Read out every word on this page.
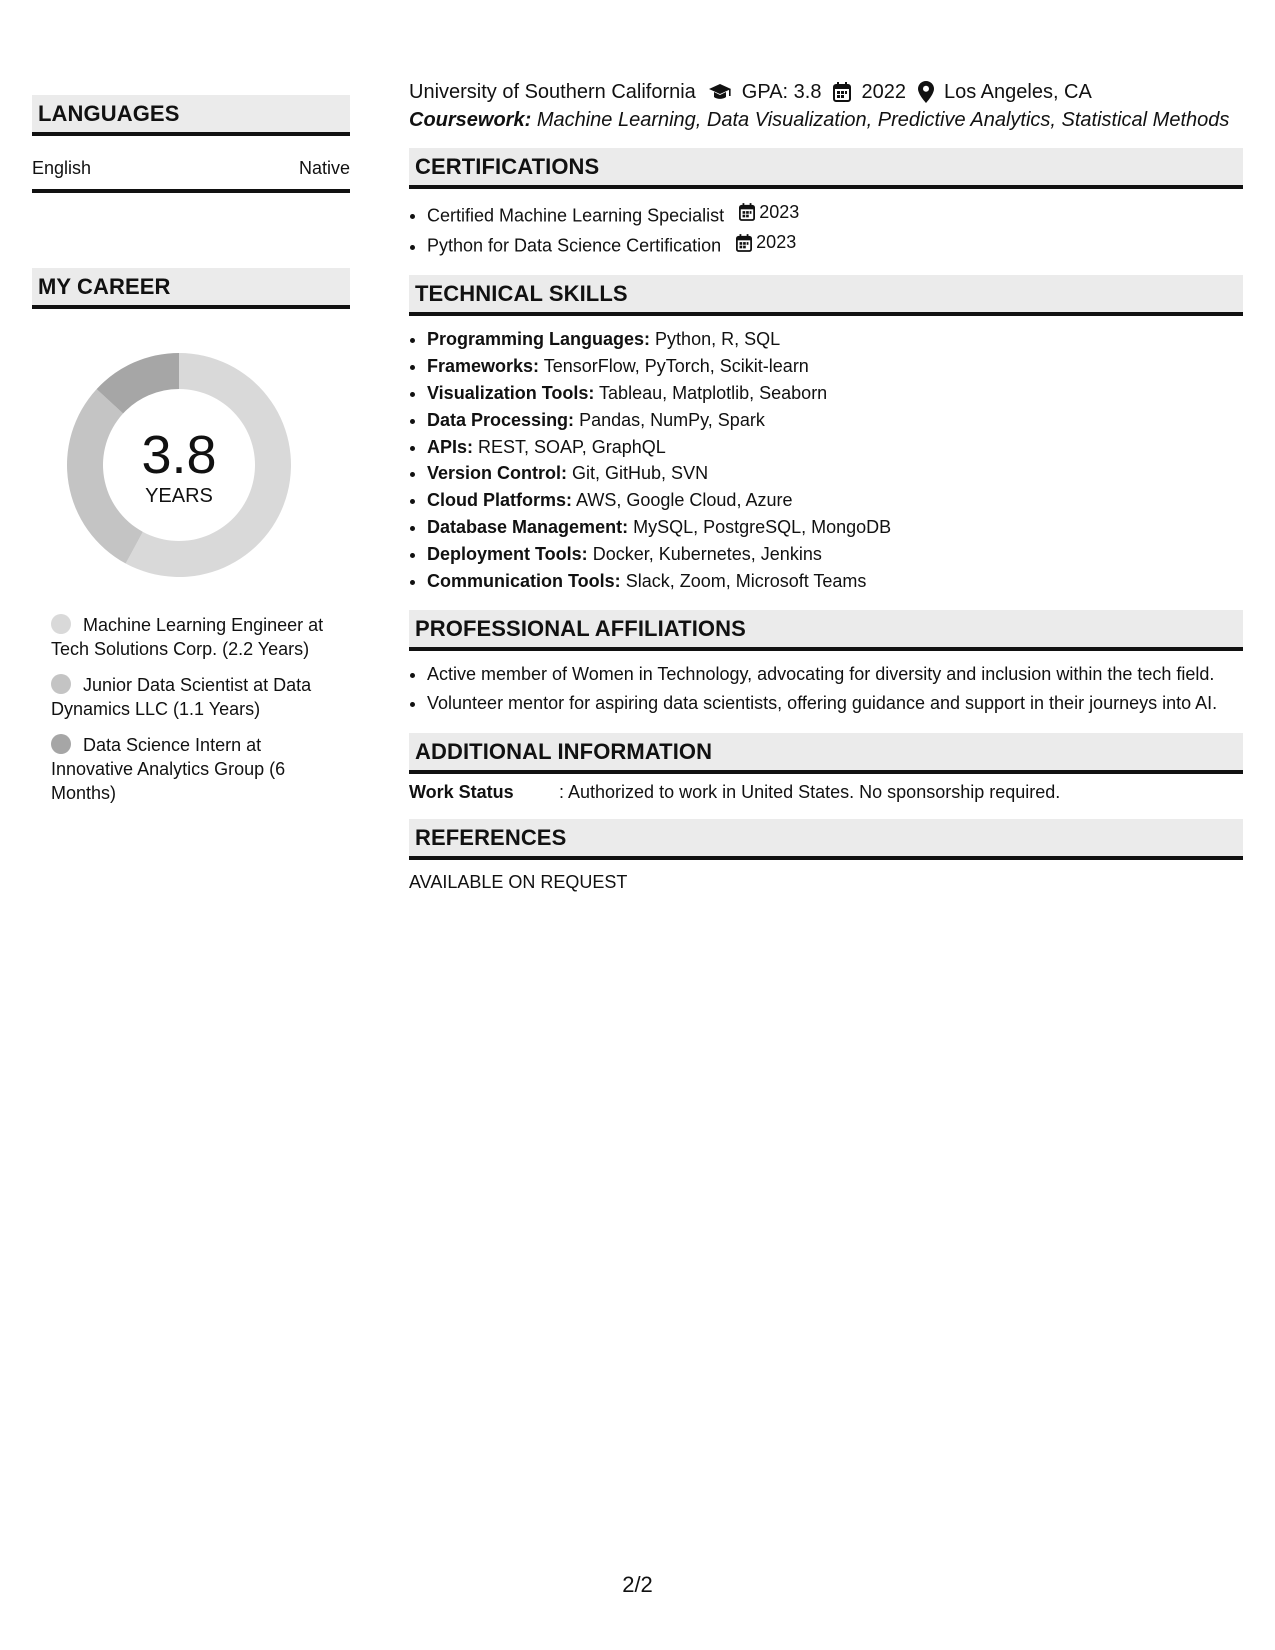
LANGUAGES
English	Native
MY CAREER
3.8
YEARS
Machine Learning Engineer at Tech Solutions Corp. (2.2 Years)
Junior Data Scientist at Data Dynamics LLC (1.1 Years)
Data Science Intern at Innovative Analytics Group (6 Months)
University of Southern California GPA: 3.8 2022 Los Angeles, CA
Coursework: Machine Learning, Data Visualization, Predictive Analytics, Statistical Methods
CERTIFICATIONS
• Certified Machine Learning Specialist 2023
• Python for Data Science Certification 2023
TECHNICAL SKILLS
• Programming Languages: Python, R, SQL
• Frameworks: TensorFlow, PyTorch, Scikit-learn
• Visualization Tools: Tableau, Matplotlib, Seaborn
• Data Processing: Pandas, NumPy, Spark
• APIs: REST, SOAP, GraphQL
• Version Control: Git, GitHub, SVN
• Cloud Platforms: AWS, Google Cloud, Azure
• Database Management: MySQL, PostgreSQL, MongoDB
• Deployment Tools: Docker, Kubernetes, Jenkins
• Communication Tools: Slack, Zoom, Microsoft Teams
PROFESSIONAL AFFILIATIONS
• Active member of Women in Technology, advocating for diversity and inclusion within the tech field.
• Volunteer mentor for aspiring data scientists, offering guidance and support in their journeys into AI.
ADDITIONAL INFORMATION
Work Status	: Authorized to work in United States. No sponsorship required.
REFERENCES
AVAILABLE ON REQUEST
2/2
